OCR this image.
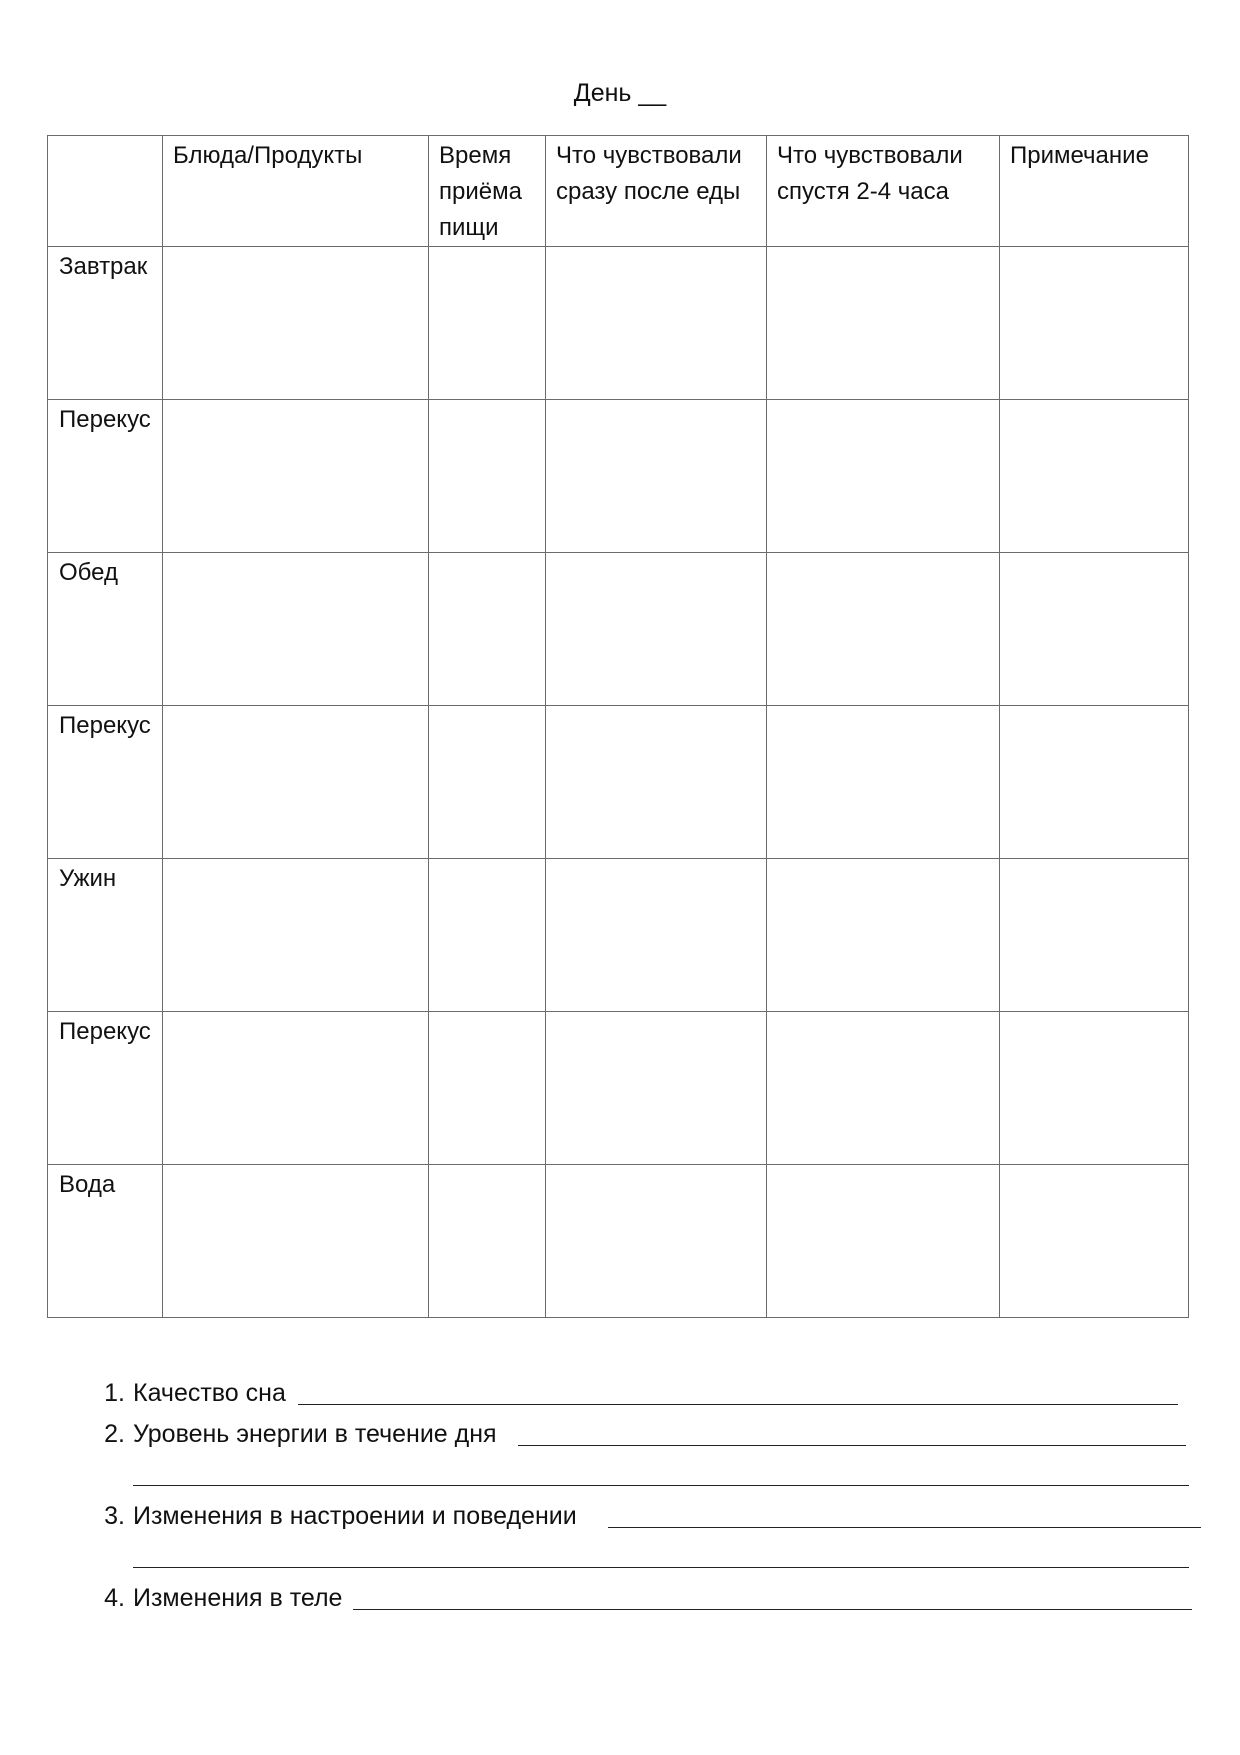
День __
	Блюда/Продукты	Время приёма пищи	Что чувствовали сразу после еды	Что чувствовали спустя 2-4 часа	Примечание
Завтрак					
Перекус					
Обед					
Перекус					
Ужин					
Перекус					
Вода					
1. Качество сна
2. Уровень энергии в течение дня
3. Изменения в настроении и поведении
4. Изменения в теле
